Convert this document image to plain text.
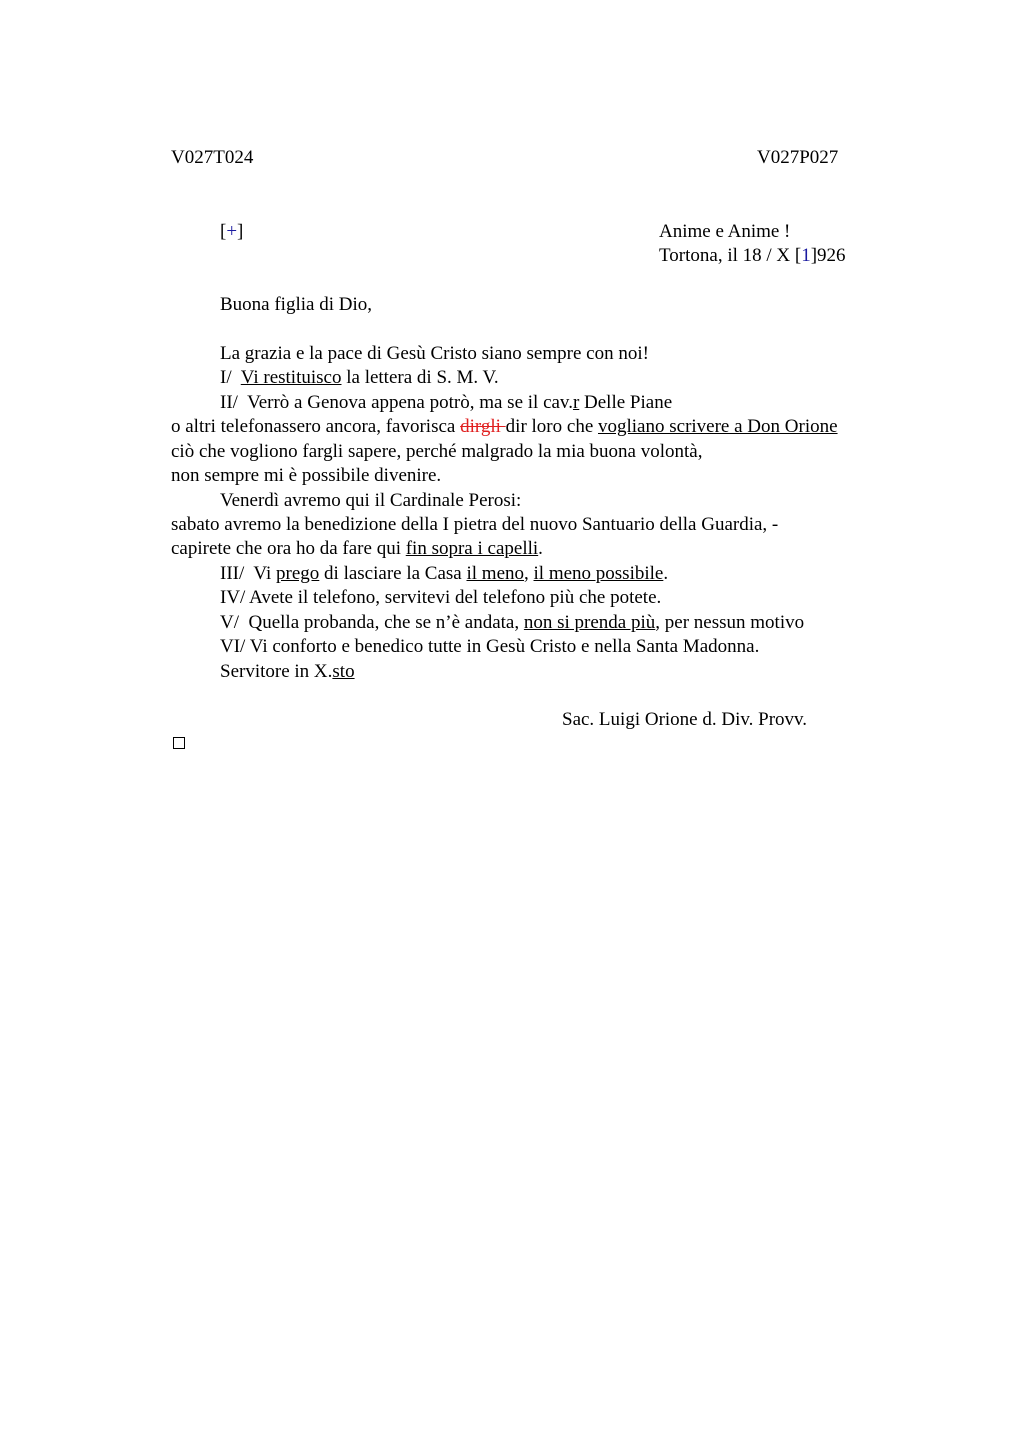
V027T024	V027P027
[+]	Anime e Anime !
Tortona, il 18 / X [1]926
Buona figlia di Dio,
La grazia e la pace di Gesù Cristo siano sempre con noi!
I/  Vi restituisco la lettera di S. M. V.
II/  Verrò a Genova appena potrò, ma se il cav.r Delle Piane
o altri telefonassero ancora, favorisca dirgli dir loro che vogliano scrivere a Don Orione
ciò che vogliono fargli sapere, perché malgrado la mia buona volontà,
non sempre mi è possibile divenire.
Venerdì avremo qui il Cardinale Perosi:
sabato avremo la benedizione della I pietra del nuovo Santuario della Guardia, -
capirete che ora ho da fare qui fin sopra i capelli.
III/  Vi prego di lasciare la Casa il meno, il meno possibile.
IV/ Avete il telefono, servitevi del telefono più che potete.
V/  Quella probanda, che se n’è andata, non si prenda più, per nessun motivo
VI/ Vi conforto e benedico tutte in Gesù Cristo e nella Santa Madonna.
Servitore in X.sto
Sac. Luigi Orione d. Div. Provv.
